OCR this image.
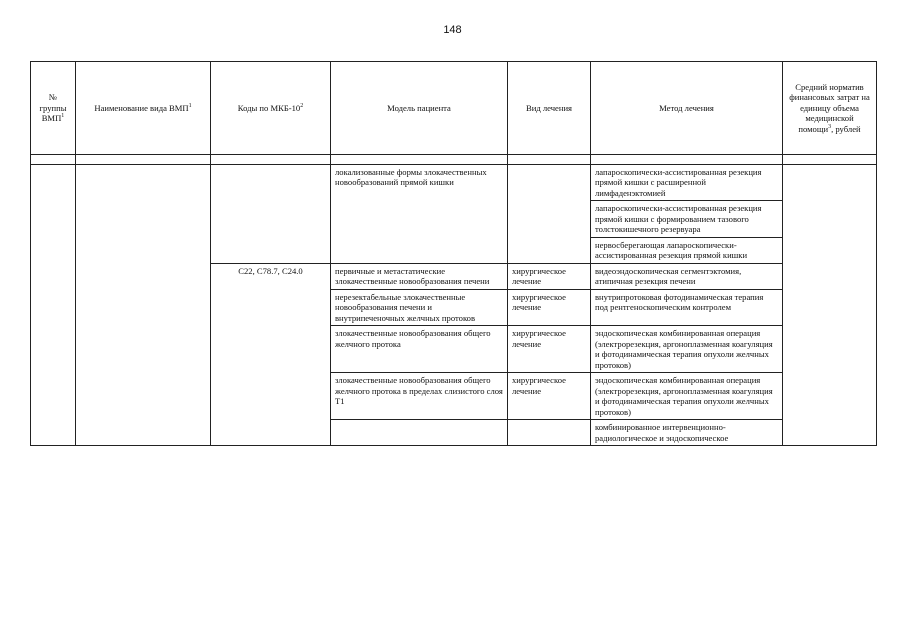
148
№ группы ВМП$^1$	Наименование вида ВМП$^1$	Коды по МКБ-$10^2$	Модель пациента	Вид лечения	Метод лечения	Средний норматив финансовых затрат на единицу объема медицинской помощи$^3$, рублей

			локализованные формы злокачественных новообразований прямой кишки		лапароскопически-ассистированная резекция прямой кишки с расширенной лимфаденэктомией	
					лапароскопически-ассистированная резекция прямой кишки с формированием тазового толстокишечного резервуара	
					нервосберегающая лапароскопически-ассистированная резекция прямой кишки	
		C22, C78.7, C24.0	первичные и метастатические злокачественные новообразования печени	хирургическое лечение	видеоэндоскопическая сегментэктомия, атипичная резекция печени	
			нерезектабельные злокачественные новообразования печени и внутрипеченочных желчных протоков	хирургическое лечение	внутрипротоковая фотодинамическая терапия под рентгеноскопическим контролем	
			злокачественные новообразования общего желчного протока	хирургическое лечение	эндоскопическая комбинированная операция (электрорезекция, аргоноплазменная коагуляция и фотодинамическая терапия опухоли желчных протоков)	
			злокачественные новообразования общего желчного протока в пределах слизистого слоя T1	хирургическое лечение	эндоскопическая комбинированная операция (электрорезекция, аргоноплазменная коагуляция и фотодинамическая терапия опухоли желчных протоков)	
					комбинированное интервенционно-радиологическое и эндоскопическое	
